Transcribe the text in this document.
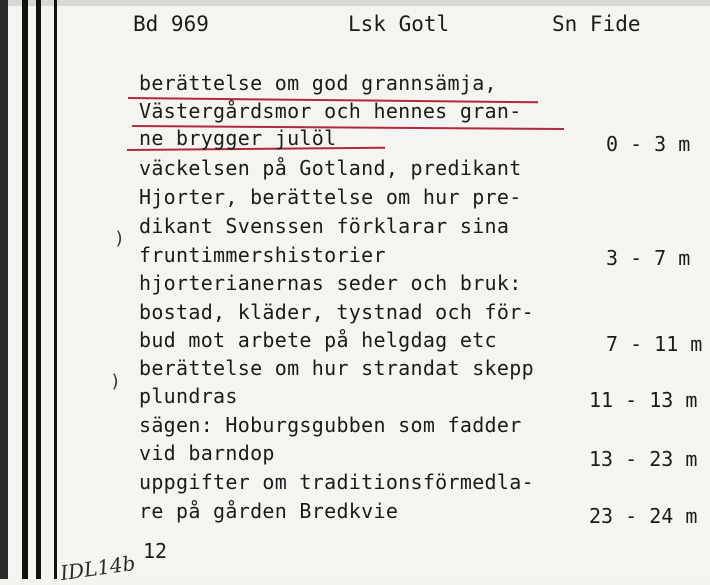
Bd 969	Lsk Gotl	Sn Fide
berättelse om god grannsämja,
Västergårdsmor och hennes gran-
ne brygger julöl
väckelsen på Gotland, predikant
Hjorter, berättelse om hur pre-
dikant Svenssen förklarar sina
fruntimmershistorier
hjorterianernas seder och bruk:
bostad, kläder, tystnad och för-
bud mot arbete på helgdag etc
berättelse om hur strandat skepp
plundras
sägen: Hoburgsgubben som fadder
vid barndop
uppgifter om traditionsförmedla-
re på gården Bredkvie
0 - 3 m
3 - 7 m
7 - 11 m
11 - 13 m
13 - 23 m
23 - 24 m
)
)
12
IDL14b
